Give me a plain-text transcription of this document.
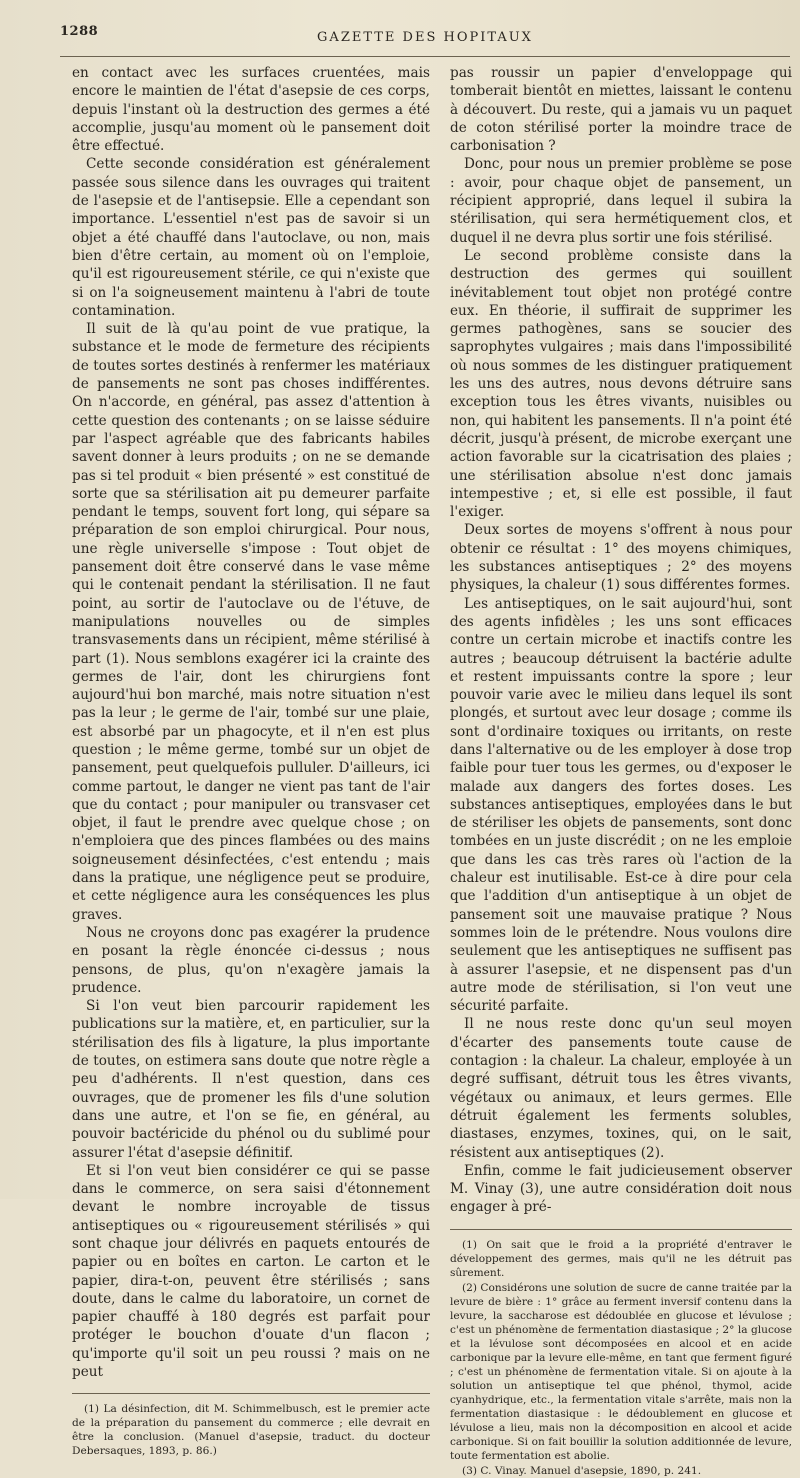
1288	GAZETTE DES HOPITAUX

en contact avec les surfaces cruentées, mais encore le maintien de l'état d'asepsie de ces corps, depuis l'instant où la destruction des germes a été accomplie, jusqu'au moment où le pansement doit être effectué.

Cette seconde considération est généralement passée sous silence dans les ouvrages qui traitent de l'asepsie et de l'antisepsie. Elle a cependant son importance. L'essentiel n'est pas de savoir si un objet a été chauffé dans l'autoclave, ou non, mais bien d'être certain, au moment où on l'emploie, qu'il est rigoureusement stérile, ce qui n'existe que si on l'a soigneusement maintenu à l'abri de toute contamination.

Il suit de là qu'au point de vue pratique, la substance et le mode de fermeture des récipients de toutes sortes destinés à renfermer les matériaux de pansements ne sont pas choses indifférentes. On n'accorde, en général, pas assez d'attention à cette question des contenants ; on se laisse séduire par l'aspect agréable que des fabricants habiles savent donner à leurs produits ; on ne se demande pas si tel produit « bien présenté » est constitué de sorte que sa stérilisation ait pu demeurer parfaite pendant le temps, souvent fort long, qui sépare sa préparation de son emploi chirurgical. Pour nous, une règle universelle s'impose : Tout objet de pansement doit être conservé dans le vase même qui le contenait pendant la stérilisation. Il ne faut point, au sortir de l'autoclave ou de l'étuve, de manipulations nouvelles ou de simples transvasements dans un récipient, même stérilisé à part (1). Nous semblons exagérer ici la crainte des germes de l'air, dont les chirurgiens font aujourd'hui bon marché, mais notre situation n'est pas la leur ; le germe de l'air, tombé sur une plaie, est absorbé par un phagocyte, et il n'en est plus question ; le même germe, tombé sur un objet de pansement, peut quelquefois pulluler. D'ailleurs, ici comme partout, le danger ne vient pas tant de l'air que du contact ; pour manipuler ou transvaser cet objet, il faut le prendre avec quelque chose ; on n'emploiera que des pinces flambées ou des mains soigneusement désinfectées, c'est entendu ; mais dans la pratique, une négligence peut se produire, et cette négligence aura les conséquences les plus graves.

Nous ne croyons donc pas exagérer la prudence en posant la règle énoncée ci-dessus ; nous pensons, de plus, qu'on n'exagère jamais la prudence.

Si l'on veut bien parcourir rapidement les publications sur la matière, et, en particulier, sur la stérilisation des fils à ligature, la plus importante de toutes, on estimera sans doute que notre règle a peu d'adhérents. Il n'est question, dans ces ouvrages, que de promener les fils d'une solution dans une autre, et l'on se fie, en général, au pouvoir bactéricide du phénol ou du sublimé pour assurer l'état d'asepsie définitif.

Et si l'on veut bien considérer ce qui se passe dans le commerce, on sera saisi d'étonnement devant le nombre incroyable de tissus antiseptiques ou « rigoureusement stérilisés » qui sont chaque jour délivrés en paquets entourés de papier ou en boîtes en carton. Le carton et le papier, dira-t-on, peuvent être stérilisés ; sans doute, dans le calme du laboratoire, un cornet de papier chauffé à 180 degrés est parfait pour protéger le bouchon d'ouate d'un flacon ; qu'importe qu'il soit un peu roussi ? mais on ne peut

(1) La désinfection, dit M. Schimmelbusch, est le premier acte de la préparation du pansement du commerce ; elle devrait en être la conclusion. (Manuel d'asepsie, traduct. du docteur Debersaques, 1893, p. 86.)

pas roussir un papier d'enveloppage qui tomberait bientôt en miettes, laissant le contenu à découvert. Du reste, qui a jamais vu un paquet de coton stérilisé porter la moindre trace de carbonisation ?

Donc, pour nous un premier problème se pose : avoir, pour chaque objet de pansement, un récipient approprié, dans lequel il subira la stérilisation, qui sera hermétiquement clos, et duquel il ne devra plus sortir une fois stérilisé.

Le second problème consiste dans la destruction des germes qui souillent inévitablement tout objet non protégé contre eux. En théorie, il suffirait de supprimer les germes pathogènes, sans se soucier des saprophytes vulgaires ; mais dans l'impossibilité où nous sommes de les distinguer pratiquement les uns des autres, nous devons détruire sans exception tous les êtres vivants, nuisibles ou non, qui habitent les pansements. Il n'a point été décrit, jusqu'à présent, de microbe exerçant une action favorable sur la cicatrisation des plaies ; une stérilisation absolue n'est donc jamais intempestive ; et, si elle est possible, il faut l'exiger.

Deux sortes de moyens s'offrent à nous pour obtenir ce résultat : 1° des moyens chimiques, les substances antiseptiques ; 2° des moyens physiques, la chaleur (1) sous différentes formes.

Les antiseptiques, on le sait aujourd'hui, sont des agents infidèles ; les uns sont efficaces contre un certain microbe et inactifs contre les autres ; beaucoup détruisent la bactérie adulte et restent impuissants contre la spore ; leur pouvoir varie avec le milieu dans lequel ils sont plongés, et surtout avec leur dosage ; comme ils sont d'ordinaire toxiques ou irritants, on reste dans l'alternative ou de les employer à dose trop faible pour tuer tous les germes, ou d'exposer le malade aux dangers des fortes doses. Les substances antiseptiques, employées dans le but de stériliser les objets de pansements, sont donc tombées en un juste discrédit ; on ne les emploie que dans les cas très rares où l'action de la chaleur est inutilisable. Est-ce à dire pour cela que l'addition d'un antiseptique à un objet de pansement soit une mauvaise pratique ? Nous sommes loin de le prétendre. Nous voulons dire seulement que les antiseptiques ne suffisent pas à assurer l'asepsie, et ne dispensent pas d'un autre mode de stérilisation, si l'on veut une sécurité parfaite.

Il ne nous reste donc qu'un seul moyen d'écarter des pansements toute cause de contagion : la chaleur. La chaleur, employée à un degré suffisant, détruit tous les êtres vivants, végétaux ou animaux, et leurs germes. Elle détruit également les ferments solubles, diastases, enzymes, toxines, qui, on le sait, résistent aux antiseptiques (2).

Enfin, comme le fait judicieusement observer M. Vinay (3), une autre considération doit nous engager à pré-

(1) On sait que le froid a la propriété d'entraver le développement des germes, mais qu'il ne les détruit pas sûrement.

(2) Considérons une solution de sucre de canne traitée par la levure de bière : 1° grâce au ferment inversif contenu dans la levure, la saccharose est dédoublée en glucose et lévulose ; c'est un phénomène de fermentation diastasique ; 2° la glucose et la lévulose sont décomposées en alcool et en acide carbonique par la levure elle-même, en tant que ferment figuré ; c'est un phénomène de fermentation vitale. Si on ajoute à la solution un antiseptique tel que phénol, thymol, acide cyanhydrique, etc., la fermentation vitale s'arrête, mais non la fermentation diastasique : le dédoublement en glucose et lévulose a lieu, mais non la décomposition en alcool et acide carbonique. Si on fait bouillir la solution additionnée de levure, toute fermentation est abolie.

(3) C. Vinay. Manuel d'asepsie, 1890, p. 241.
